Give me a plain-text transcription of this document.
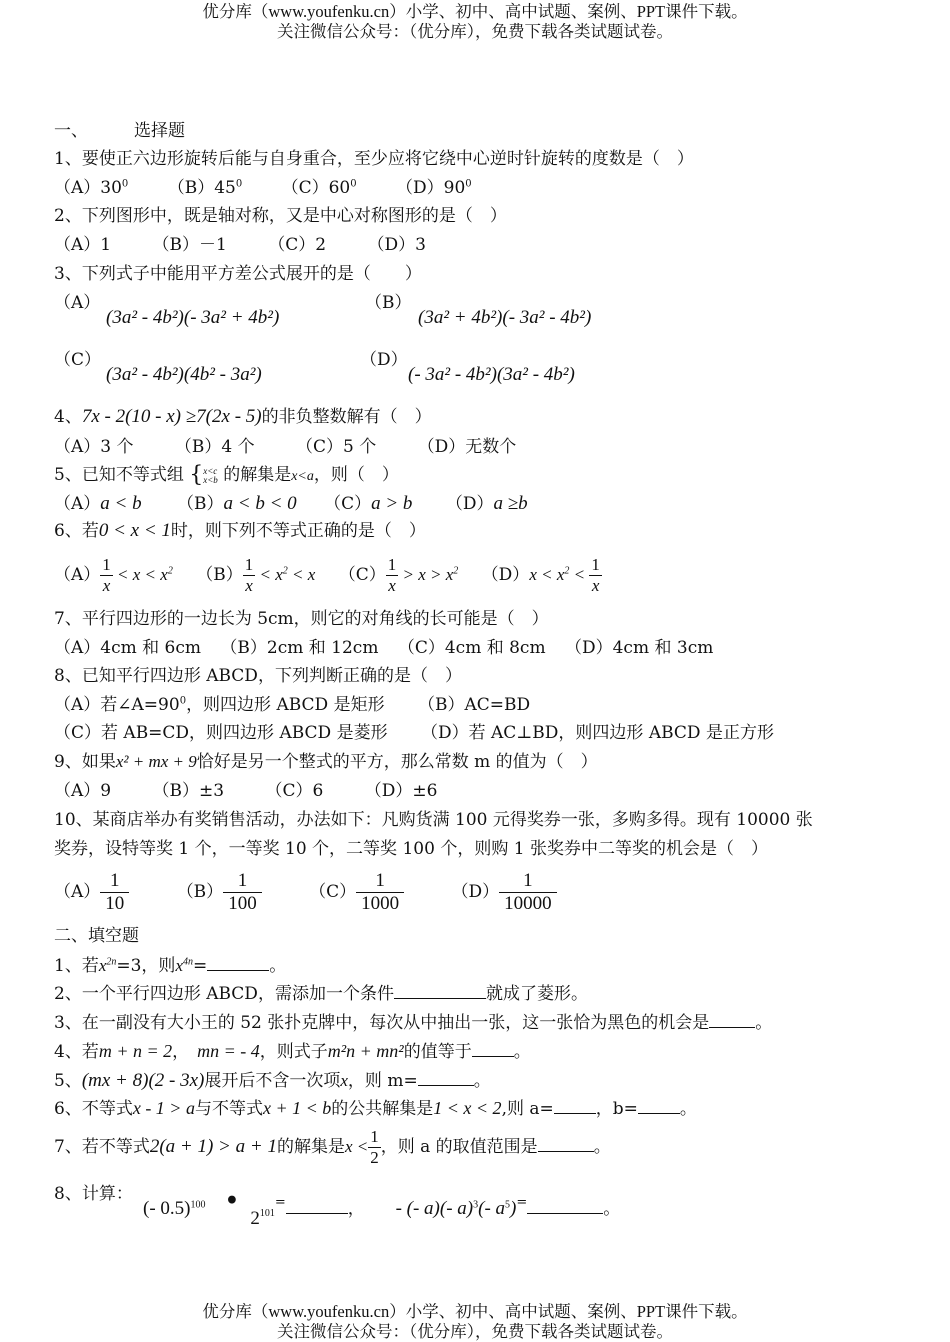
优分库（www.youfenku.cn）小学、初中、高中试题、案例、PPT课件下载。
关注微信公众号：（优分库），免费下载各类试题试卷。
一、	选择题
1、要使正六边形旋转后能与自身重合，至少应将它绕中心逆时针旋转的度数是（　）
$(A)30^0$ $(B)45^0$ $(C)60^0$ $(D)90^0$
2、下列图形中，既是轴对称，又是中心对称图形的是（　）
（A）1 （B）－1 （C）2 （D）3
3、下列式子中能用平方差公式展开的是（　　）
（A）
(3a² - 4b²)(- 3a² + 4b²)
（B）
(3a² + 4b²)(- 3a² - 4b²)
（C）
(3a² - 4b²)(4b² - 3a²)
（D）
(- 3a² - 4b²)(3a² - 4b²)
4、7x - 2(10 - x) ≥7(2x - 5)的非负整数解有（　）
（A）3 个 （B）4 个 （C）5 个 （D）无数个
5、已知不等式组 { x<c
x<b 的解集是x<a，则（　）
（A）a < b （B）a < b < 0 （C）a > b （D）a ≥b
6、若0 < x < 1时，则下列不等式正确的是（　）
$(A) \frac{1}{x} < x < x^2$ $(B) \frac{1}{x} < x^2 < x$ $(C) \frac{1}{x} > x > x^2$ $(D)x < x^2 < \frac{1}{x}$
7、平行四边形的一边长为 5cm，则它的对角线的长可能是（　）
（A）4cm 和 6cm （B）2cm 和 12cm （C）4cm 和 8cm （D）4cm 和 3cm
8、已知平行四边形 ABCD，下列判断正确的是（　）
（A）若$\angle A=90^0$，则四边形 ABCD 是矩形 （B）AC=BD
（C）若 AB=CD，则四边形 ABCD 是菱形 （D）若 AC⊥BD，则四边形 ABCD 是正方形
9、如果x² + mx + 9恰好是另一个整式的平方，那么常数 m 的值为（　）
（A）9 （B）±3 （C）6 （D）±6
10、某商店举办有奖销售活动，办法如下：凡购货满 100 元得奖券一张，多购多得。现有 10000 张
奖券，设特等奖 1 个，一等奖 10 个，二等奖 100 个，则购 1 张奖券中二等奖的机会是（　）
$(A) \frac{1}{10}$	$(B) \frac{1}{100}$	$(C) \frac{1}{1000}$	$(D) \frac{1}{10000}$
二、填空题
1、若$x^{2n}=3$，则$x^{4n}=$	。
2、一个平行四边形 ABCD，需添加一个条件	就成了菱形。
3、在一副没有大小王的 52 张扑克牌中，每次从中抽出一张，这一张恰为黑色的机会是	。
4、若m + n = 2， mn = - 4，则式子m²n + mn²的值等于 。
5、(mx + 8)(2 - 3x)展开后不含一次项x，则 m=	。
6、不等式x - 1 > a与不等式x + 1 < b的公共解集是1 < x < 2,则 a= ，b= 。
7、若不等式2(a + 1) > a + 1的解集是$x < \frac{1}{2}$ ，则 a 的取值范围是	。
8、计算：
(- 0.5)$^{100}$ • $2^{101=}$	， - (- a)(- a)$^3$(- $a^5)^=$	。
优分库（www.youfenku.cn）小学、初中、高中试题、案例、PPT课件下载。
关注微信公众号：（优分库），免费下载各类试题试卷。
